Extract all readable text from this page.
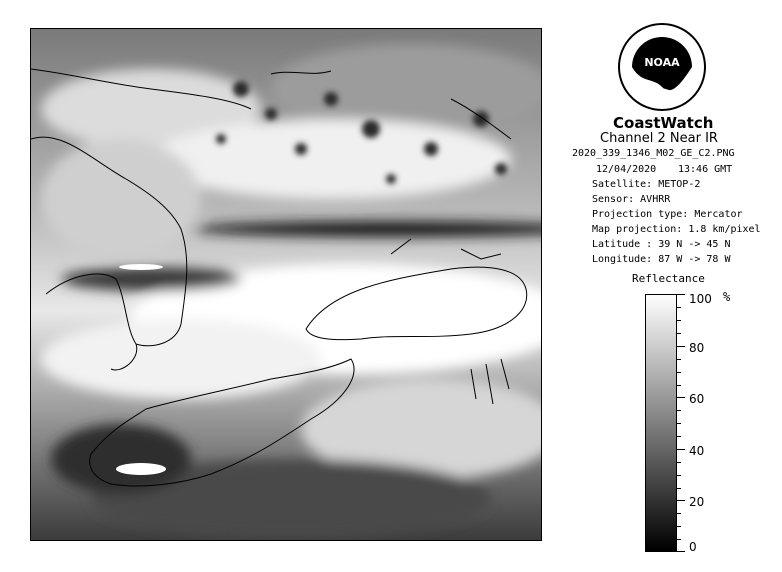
NOAA
CoastWatch
Channel 2 Near IR
2020_339_1346_M02_GE_C2.PNG
12/04/2020 13:46 GMT
Satellite: METOP-2
Sensor: AVHRR
Projection type: Mercator
Map projection: 1.8 km/pixel
Latitude : 39 N -> 45 N
Longitude: 87 W -> 78 W
Reflectance
%
100
80
60
40
20
0
